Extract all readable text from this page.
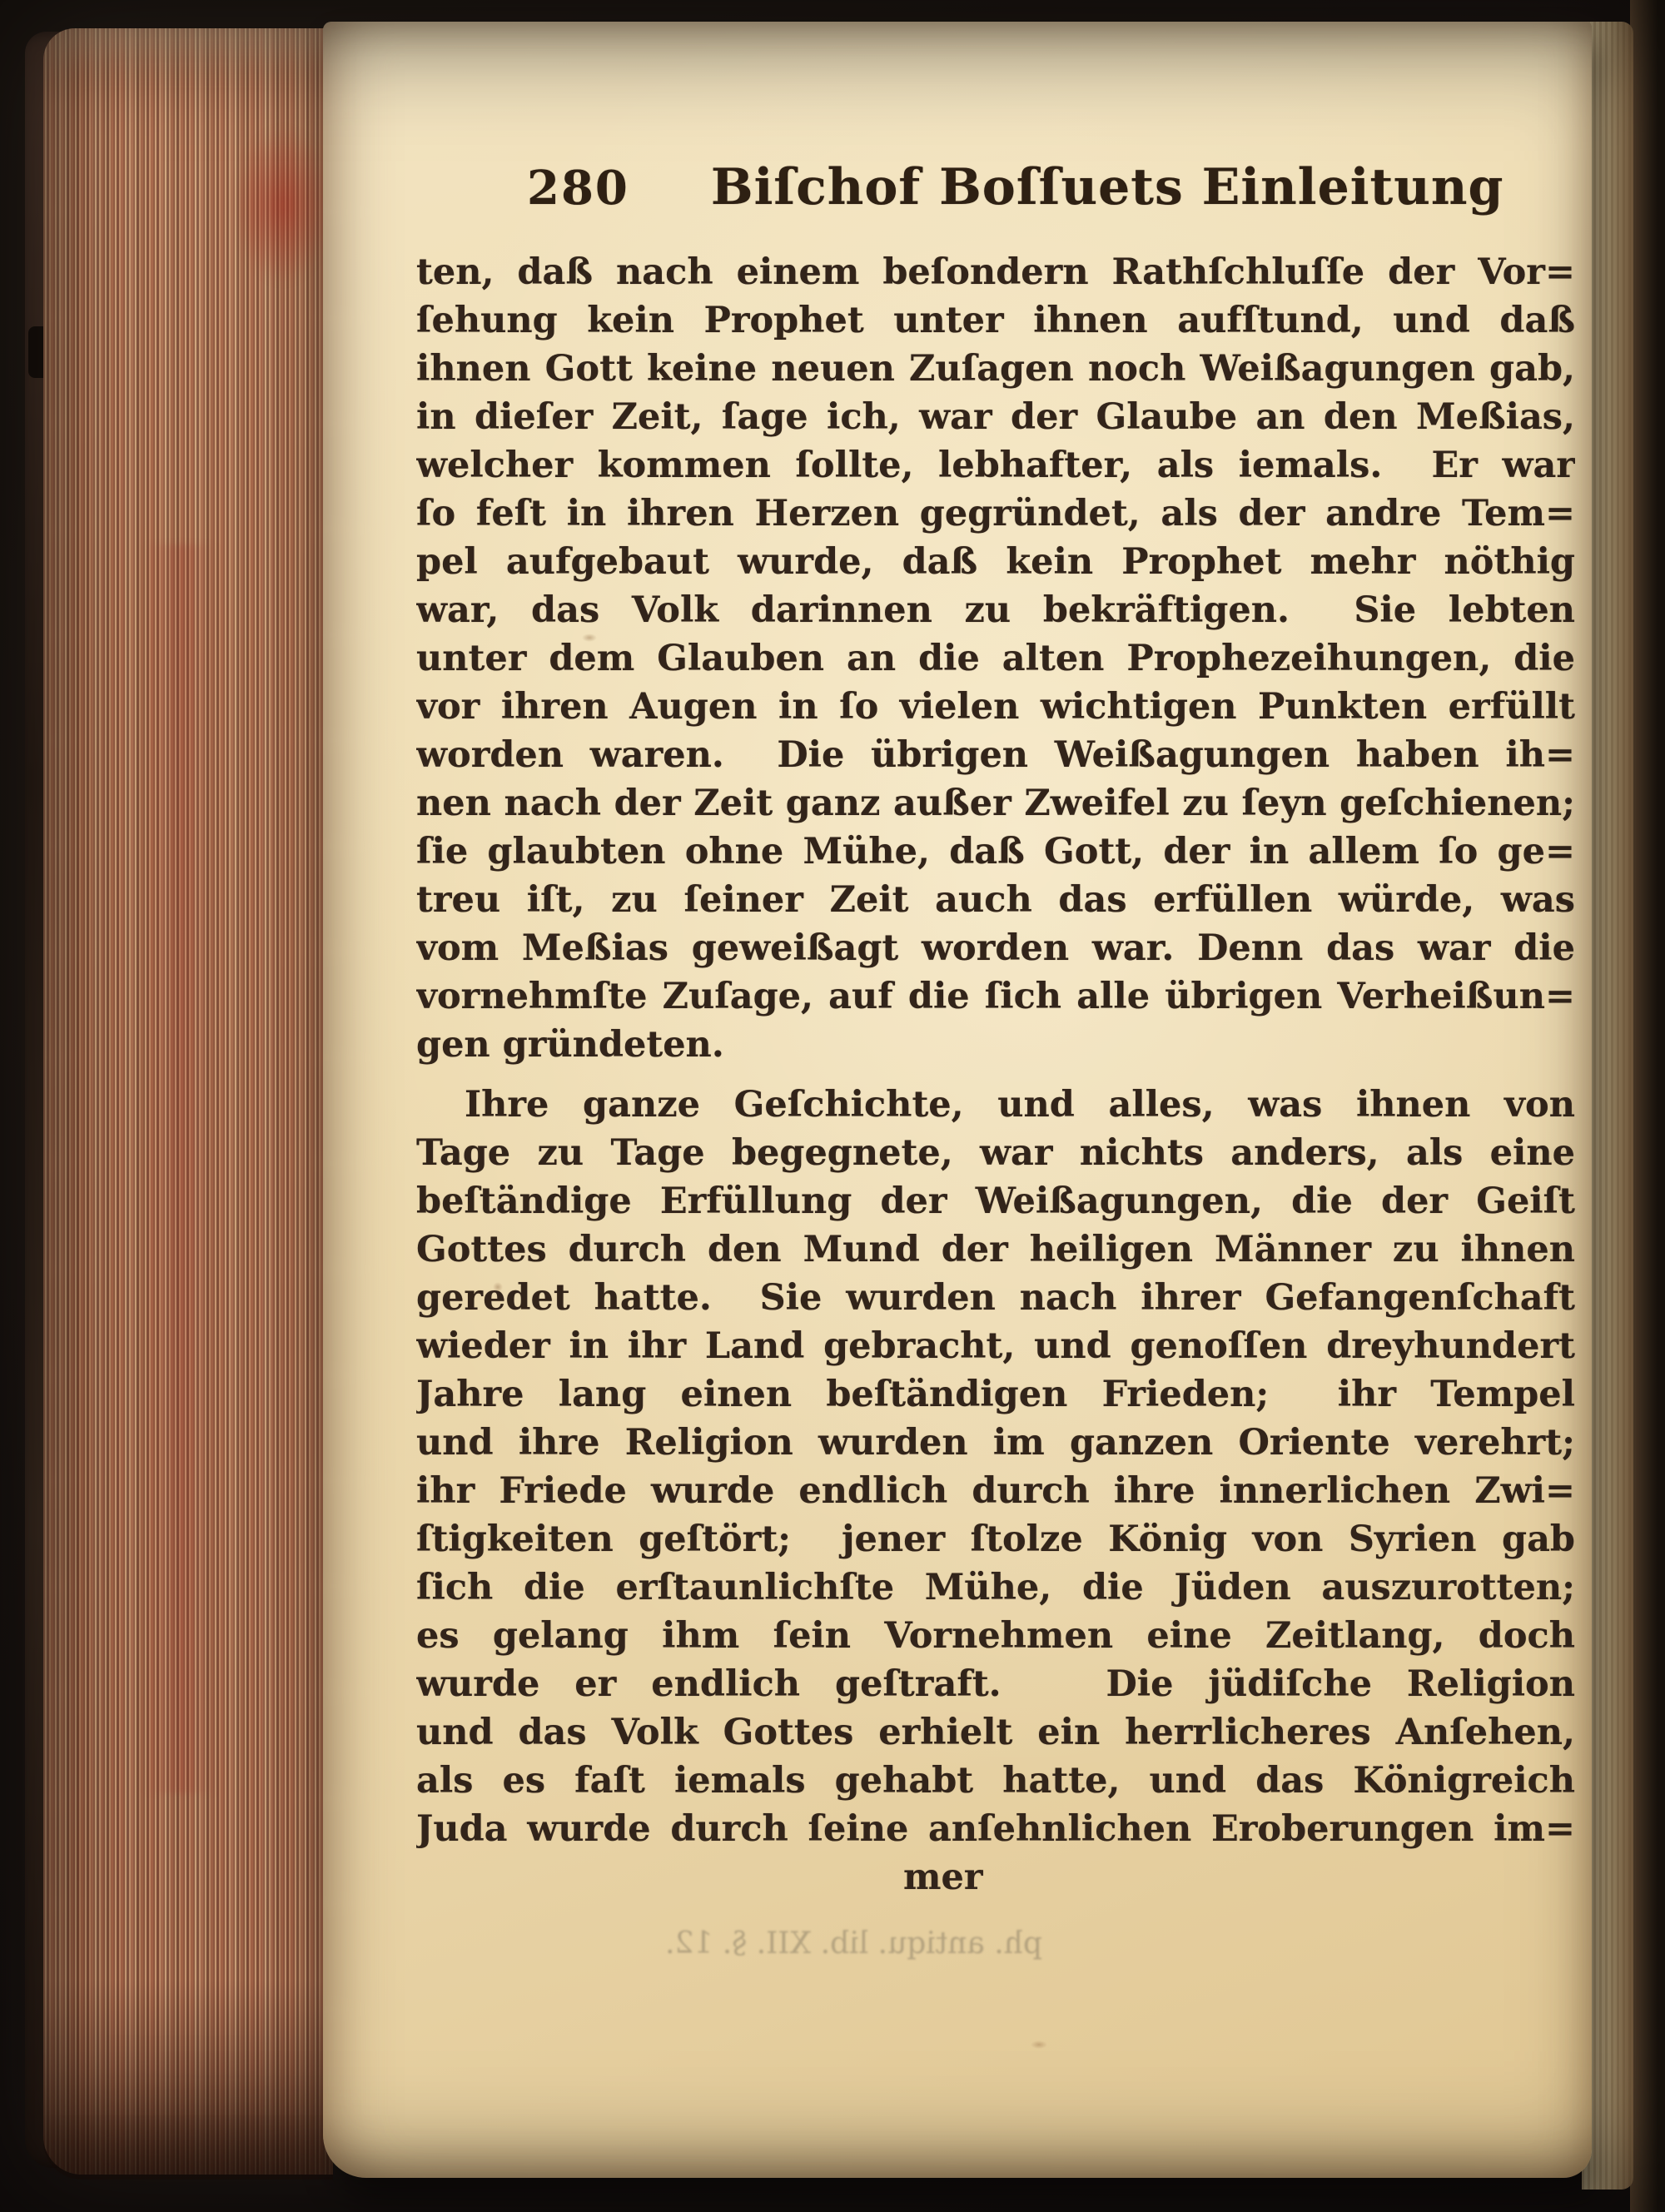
280 Biſchof Boſſuets Einleitung
ten, daß nach einem beſondern Rathſchluſſe der Vor=
ſehung kein Prophet unter ihnen aufſtund, und daß
ihnen Gott keine neuen Zuſagen noch Weißagungen gab,
in dieſer Zeit, ſage ich, war der Glaube an den Meßias,
welcher kommen ſollte, lebhafter, als iemals.  Er war
ſo feſt in ihren Herzen gegründet, als der andre Tem=
pel aufgebaut wurde, daß kein Prophet mehr nöthig
war, das Volk darinnen zu bekräftigen.  Sie lebten
unter dem Glauben an die alten Prophezeihungen, die
vor ihren Augen in ſo vielen wichtigen Punkten erfüllt
worden waren.  Die übrigen Weißagungen haben ih=
nen nach der Zeit ganz außer Zweifel zu ſeyn geſchienen;
ſie glaubten ohne Mühe, daß Gott, der in allem ſo ge=
treu iſt, zu ſeiner Zeit auch das erfüllen würde, was
vom Meßias geweißagt worden war. Denn das war die
vornehmſte Zuſage, auf die ſich alle übrigen Verheißun=
gen gründeten.
Ihre ganze Geſchichte, und alles, was ihnen von
Tage zu Tage begegnete, war nichts anders, als eine
beſtändige Erfüllung der Weißagungen, die der Geiſt
Gottes durch den Mund der heiligen Männer zu ihnen
geredet hatte.  Sie wurden nach ihrer Gefangenſchaft
wieder in ihr Land gebracht, und genoſſen dreyhundert
Jahre lang einen beſtändigen Frieden;  ihr Tempel
und ihre Religion wurden im ganzen Oriente verehrt;
ihr Friede wurde endlich durch ihre innerlichen Zwi=
ſtigkeiten geſtört;  jener ſtolze König von Syrien gab
ſich die erſtaunlichſte Mühe, die Jüden auszurotten;
es gelang ihm ſein Vornehmen eine Zeitlang, doch
wurde er endlich geſtraft.   Die jüdiſche Religion
und das Volk Gottes erhielt ein herrlicheres Anſehen,
als es faſt iemals gehabt hatte, und das Königreich
Juda wurde durch ſeine anſehnlichen Eroberungen im=
mer
ph. antiqu. lib. XII. §. 12.
